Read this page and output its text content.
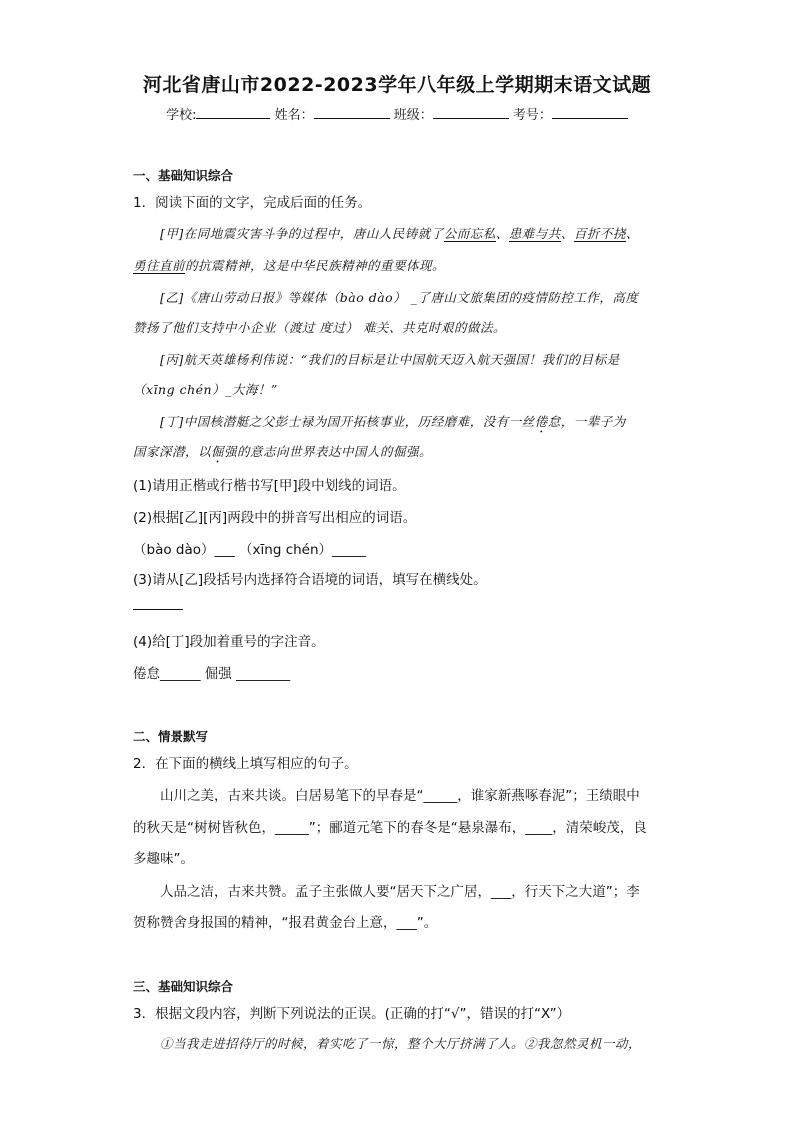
河北省唐山市2022-2023学年八年级上学期期末语文试题
学校:	姓名：	班级：	考号：
一、基础知识综合
1．阅读下面的文字，完成后面的任务。
[甲]在同地震灾害斗争的过程中，唐山人民铸就了公而忘私、患难与共、百折不挠、
勇往直前的抗震精神，这是中华民族精神的重要体现。
[乙]《唐山劳动日报》等媒体（bào dào） _了唐山文旅集团的疫情防控工作，高度
赞扬了他们支持中小企业（渡过 度过） 难关、共克时艰的做法。
[丙]航天英雄杨利伟说：“我们的目标是让中国航天迈入航天强国！我们的目标是
（xīng chén）_大海！”
[丁]中国核潜艇之父彭士禄为国开拓核事业，历经磨难，没有一丝倦怠，一辈子为
国家深潜，以倔强的意志向世界表达中国人的倔强。
(1)请用正楷或行楷书写[甲]段中划线的词语。
(2)根据[乙][丙]两段中的拼音写出相应的词语。
（bào dào）___ （xīng chén）_____
(3)请从[乙]段括号内选择符合语境的词语，填写在横线处。
(4)给[丁]段加着重号的字注音。
倦怠______ 倔强 ________
二、情景默写
2．在下面的横线上填写相应的句子。
山川之美，古来共谈。白居易笔下的早春是“_____，谁家新燕啄春泥”；王绩眼中
的秋天是“树树皆秋色，_____”；郦道元笔下的春冬是“悬泉瀑布，____，清荣峻茂，良
多趣味”。
人品之洁，古来共赞。孟子主张做人要“居天下之广居，___，行天下之大道”；李
贺称赞舍身报国的精神，“报君黄金台上意，___”。
三、基础知识综合
3．根据文段内容，判断下列说法的正误。(正确的打“√”，错误的打“X”）
①当我走进招待厅的时候，着实吃了一惊，整个大厅挤满了人。②我忽然灵机一动，
